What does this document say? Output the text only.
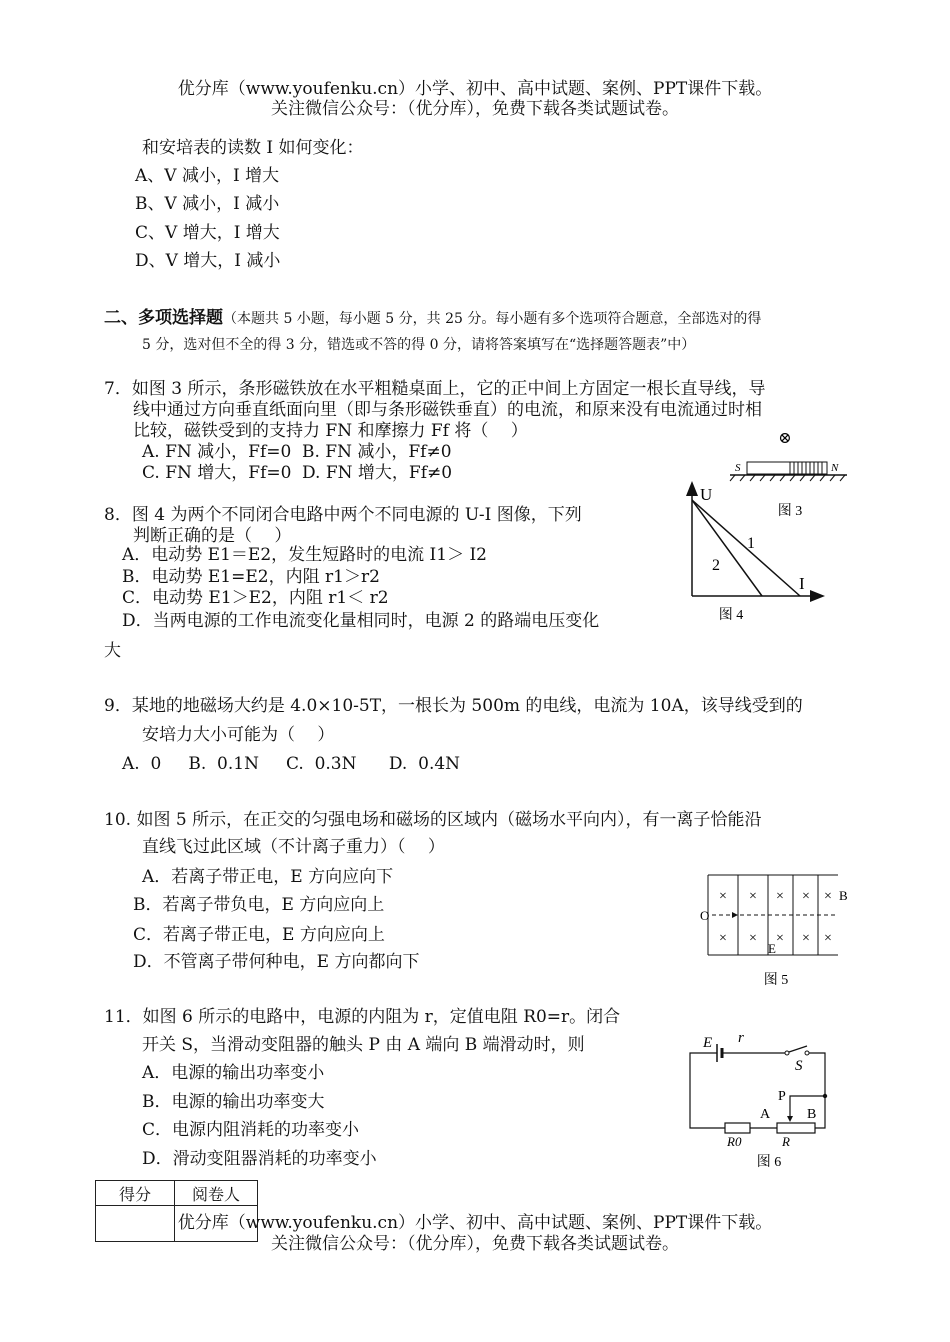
优分库（www.youfenku.cn）小学、初中、高中试题、案例、PPT课件下载。
关注微信公众号：（优分库），免费下载各类试题试卷。
和安培表的读数 I 如何变化：
A、V 减小，I 增大
B、V 减小，I 减小
C、V 增大，I 增大
D、V 增大，I 减小
二、多项选择题（本题共 5 小题，每小题 5 分，共 25 分。每小题有多个选项符合题意，全部选对的得
5 分，选对但不全的得 3 分，错选或不答的得 0 分，请将答案填写在“选择题答题表”中）
7．如图 3 所示，条形磁铁放在水平粗糙桌面上，它的正中间上方固定一根长直导线，导
线中通过方向垂直纸面向里（即与条形磁铁垂直）的电流，和原来没有电流通过时相
比较，磁铁受到的支持力 FN 和摩擦力 Ff 将（　 ）
A. FN 减小，Ff=0 B. FN 减小，Ff≠0
C. FN 增大，Ff=0 D. FN 增大，Ff≠0
⊗
S	N
图 3
8．图 4 为两个不同闭合电路中两个不同电源的 U-I 图像，下列
判断正确的是（　 ）
A．电动势 E1＝E2，发生短路时的电流 I1＞ I2
B．电动势 E1=E2，内阻 r1＞r2
C．电动势 E1＞E2，内阻 r1＜ r2
D．当两电源的工作电流变化量相同时，电源 2 的路端电压变化
大
U
I
1
2
图 4
9．某地的地磁场大约是 4.0×10-5T，一根长为 500m 的电线，电流为 10A，该导线受到的
安培力大小可能为（　 ）
A.  0     B.  0.1N     C.  0.3N      D.  0.4N
10. 如图 5 所示，在正交的匀强电场和磁场的区域内（磁场水平向内），有一离子恰能沿
直线飞过此区域（不计离子重力）（　 ）
A．若离子带正电，E 方向应向下
B．若离子带负电，E 方向应向上
C．若离子带正电，E 方向应向上
D．不管离子带何种电，E 方向都向下
O
× × × × ×
× × × × ×
B
E
图 5
11．如图 6 所示的电路中，电源的内阻为 r，定值电阻 R0=r。闭合
开关 S，当滑动变阻器的触头 P 由 A 端向 B 端滑动时，则
A．电源的输出功率变小
B．电源的输出功率变大
C．电源内阻消耗的功率变小
D．滑动变阻器消耗的功率变小
E r
S
R0	R
P
A	B
图 6
得分	阅卷人

优分库（www.youfenku.cn）小学、初中、高中试题、案例、PPT课件下载。
关注微信公众号：（优分库），免费下载各类试题试卷。
